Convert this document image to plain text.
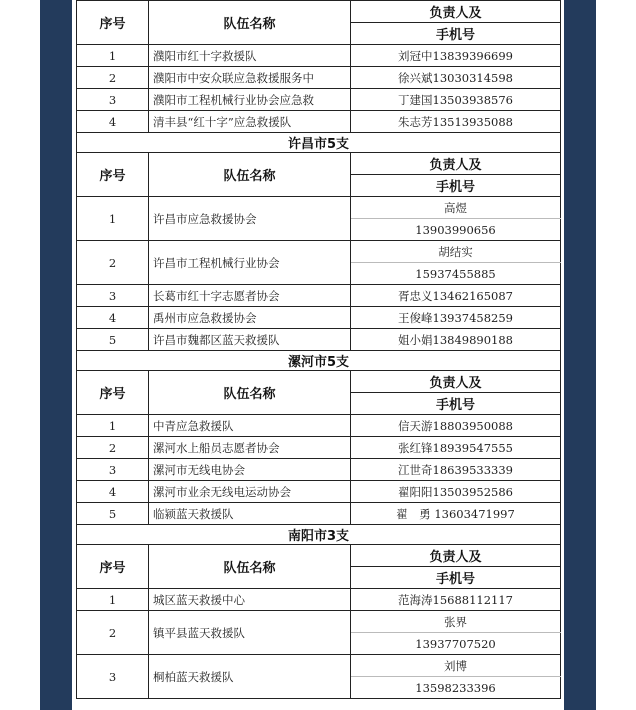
序号	队伍名称	负责人及
		手机号
1	濮阳市红十字救援队	刘冠中13839396699
2	濮阳市中安众联应急救援服务中	徐兴斌13030314598
3	濮阳市工程机械行业协会应急救	丁建国13503938576
4	清丰县“红十字”应急救援队	朱志芳13513935088
许昌市5支		
序号	队伍名称	负责人及
		手机号
1	许昌市应急救援协会	高煜
		13903990656
2	许昌市工程机械行业协会	胡结实
		15937455885
3	长葛市红十字志愿者协会	胥忠义13462165087
4	禹州市应急救援协会	王俊峰13937458259
5	许昌市魏都区蓝天救援队	姐小娟13849890188
漯河市5支		
序号	队伍名称	负责人及
		手机号
1	中青应急救援队	信天游18803950088
2	漯河水上船员志愿者协会	张红锋18939547555
3	漯河市无线电协会	江世奇18639533339
4	漯河市业余无线电运动协会	翟阳阳13503952586
5	临颍蓝天救援队	翟　勇 13603471997
南阳市3支		
序号	队伍名称	负责人及
		手机号
1	城区蓝天救援中心	范海涛15688112117
2	镇平县蓝天救援队	张界
		13937707520
3	桐柏蓝天救援队	刘博
		13598233396
